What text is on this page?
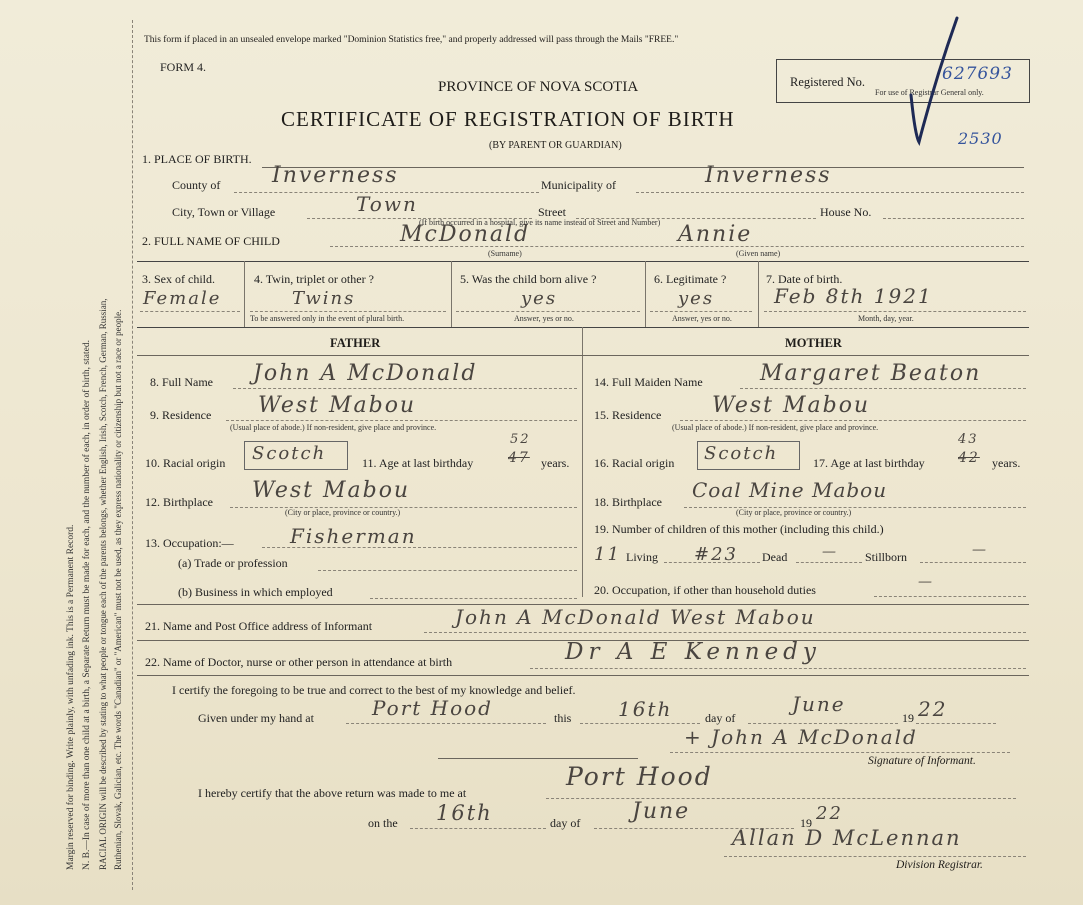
Margin reserved for binding. Write plainly, with unfading ink. This is a Permanent Record. N. B.—In case of more than one child at a birth, a Separate Return must be made for each, and the number of each, in order of birth, stated. RACIAL ORIGIN will be described by stating to what people or tongue each of the parents belongs, whether English, Irish, Scotch, French, German, Russian, Ruthenian, Slovak, Galician, etc. The words "Canadian" or "American" must not be used, as they express nationality or citizenship but not a race or people.
This form if placed in an unsealed envelope marked "Dominion Statistics free," and properly addressed will pass through the Mails "FREE."
FORM 4.
PROVINCE OF NOVA SCOTIA
CERTIFICATE OF REGISTRATION OF BIRTH
(BY PARENT OR GUARDIAN)
Registered No.	627693
For use of Registrar General only.
2530
1. PLACE OF BIRTH.
County of Inverness	Municipality of	Inverness
City, Town or Village	Town	Street	House No.
(If birth occurred in a hospital, give its name instead of Street and Number)
2. FULL NAME OF CHILD	McDonald	Annie
(Surname)	(Given name)
3. Sex of child.
Female
4. Twin, triplet or other ?
Twins
To be answered only in the event of plural birth.
5. Was the child born alive ?
yes
Answer, yes or no.
6. Legitimate ?
yes
Answer, yes or no.
7. Date of birth.
Feb 8th 1921
Month, day, year.
FATHER	MOTHER
8. Full Name John A McDonald
9. Residence West Mabou
(Usual place of abode.) If non-resident, give place and province.
10. Racial origin Scotch	11. Age at last birthday
52
47 years.
12. Birthplace West Mabou
(City or place, province or country.)
13. Occupation:—	Fisherman
(a) Trade or profession
(b) Business in which employed
14. Full Maiden Name	Margaret Beaton
15. Residence West Mabou
(Usual place of abode.) If non-resident, give place and province.
16. Racial origin Scotch	17. Age at last birthday
43
42 years.
18. Birthplace Coal Mine Mabou
(City or place, province or country.)
19. Number of children of this mother (including this child.)
11 Living #23 Dead — Stillborn	—
20. Occupation, if other than household duties	—
21. Name and Post Office address of Informant	John A McDonald West Mabou
22. Name of Doctor, nurse or other person in attendance at birth	Dr A E Kennedy
I certify the foregoing to be true and correct to the best of my knowledge and belief.
Given under my hand at	Port Hood	this 16th	day of
June
19 22
+ John A McDonald
Signature of Informant.
I hereby certify that the above return was made to me at
Port Hood
on the 16th	day of June	19 22
Allan D McLennan
Division Registrar.
